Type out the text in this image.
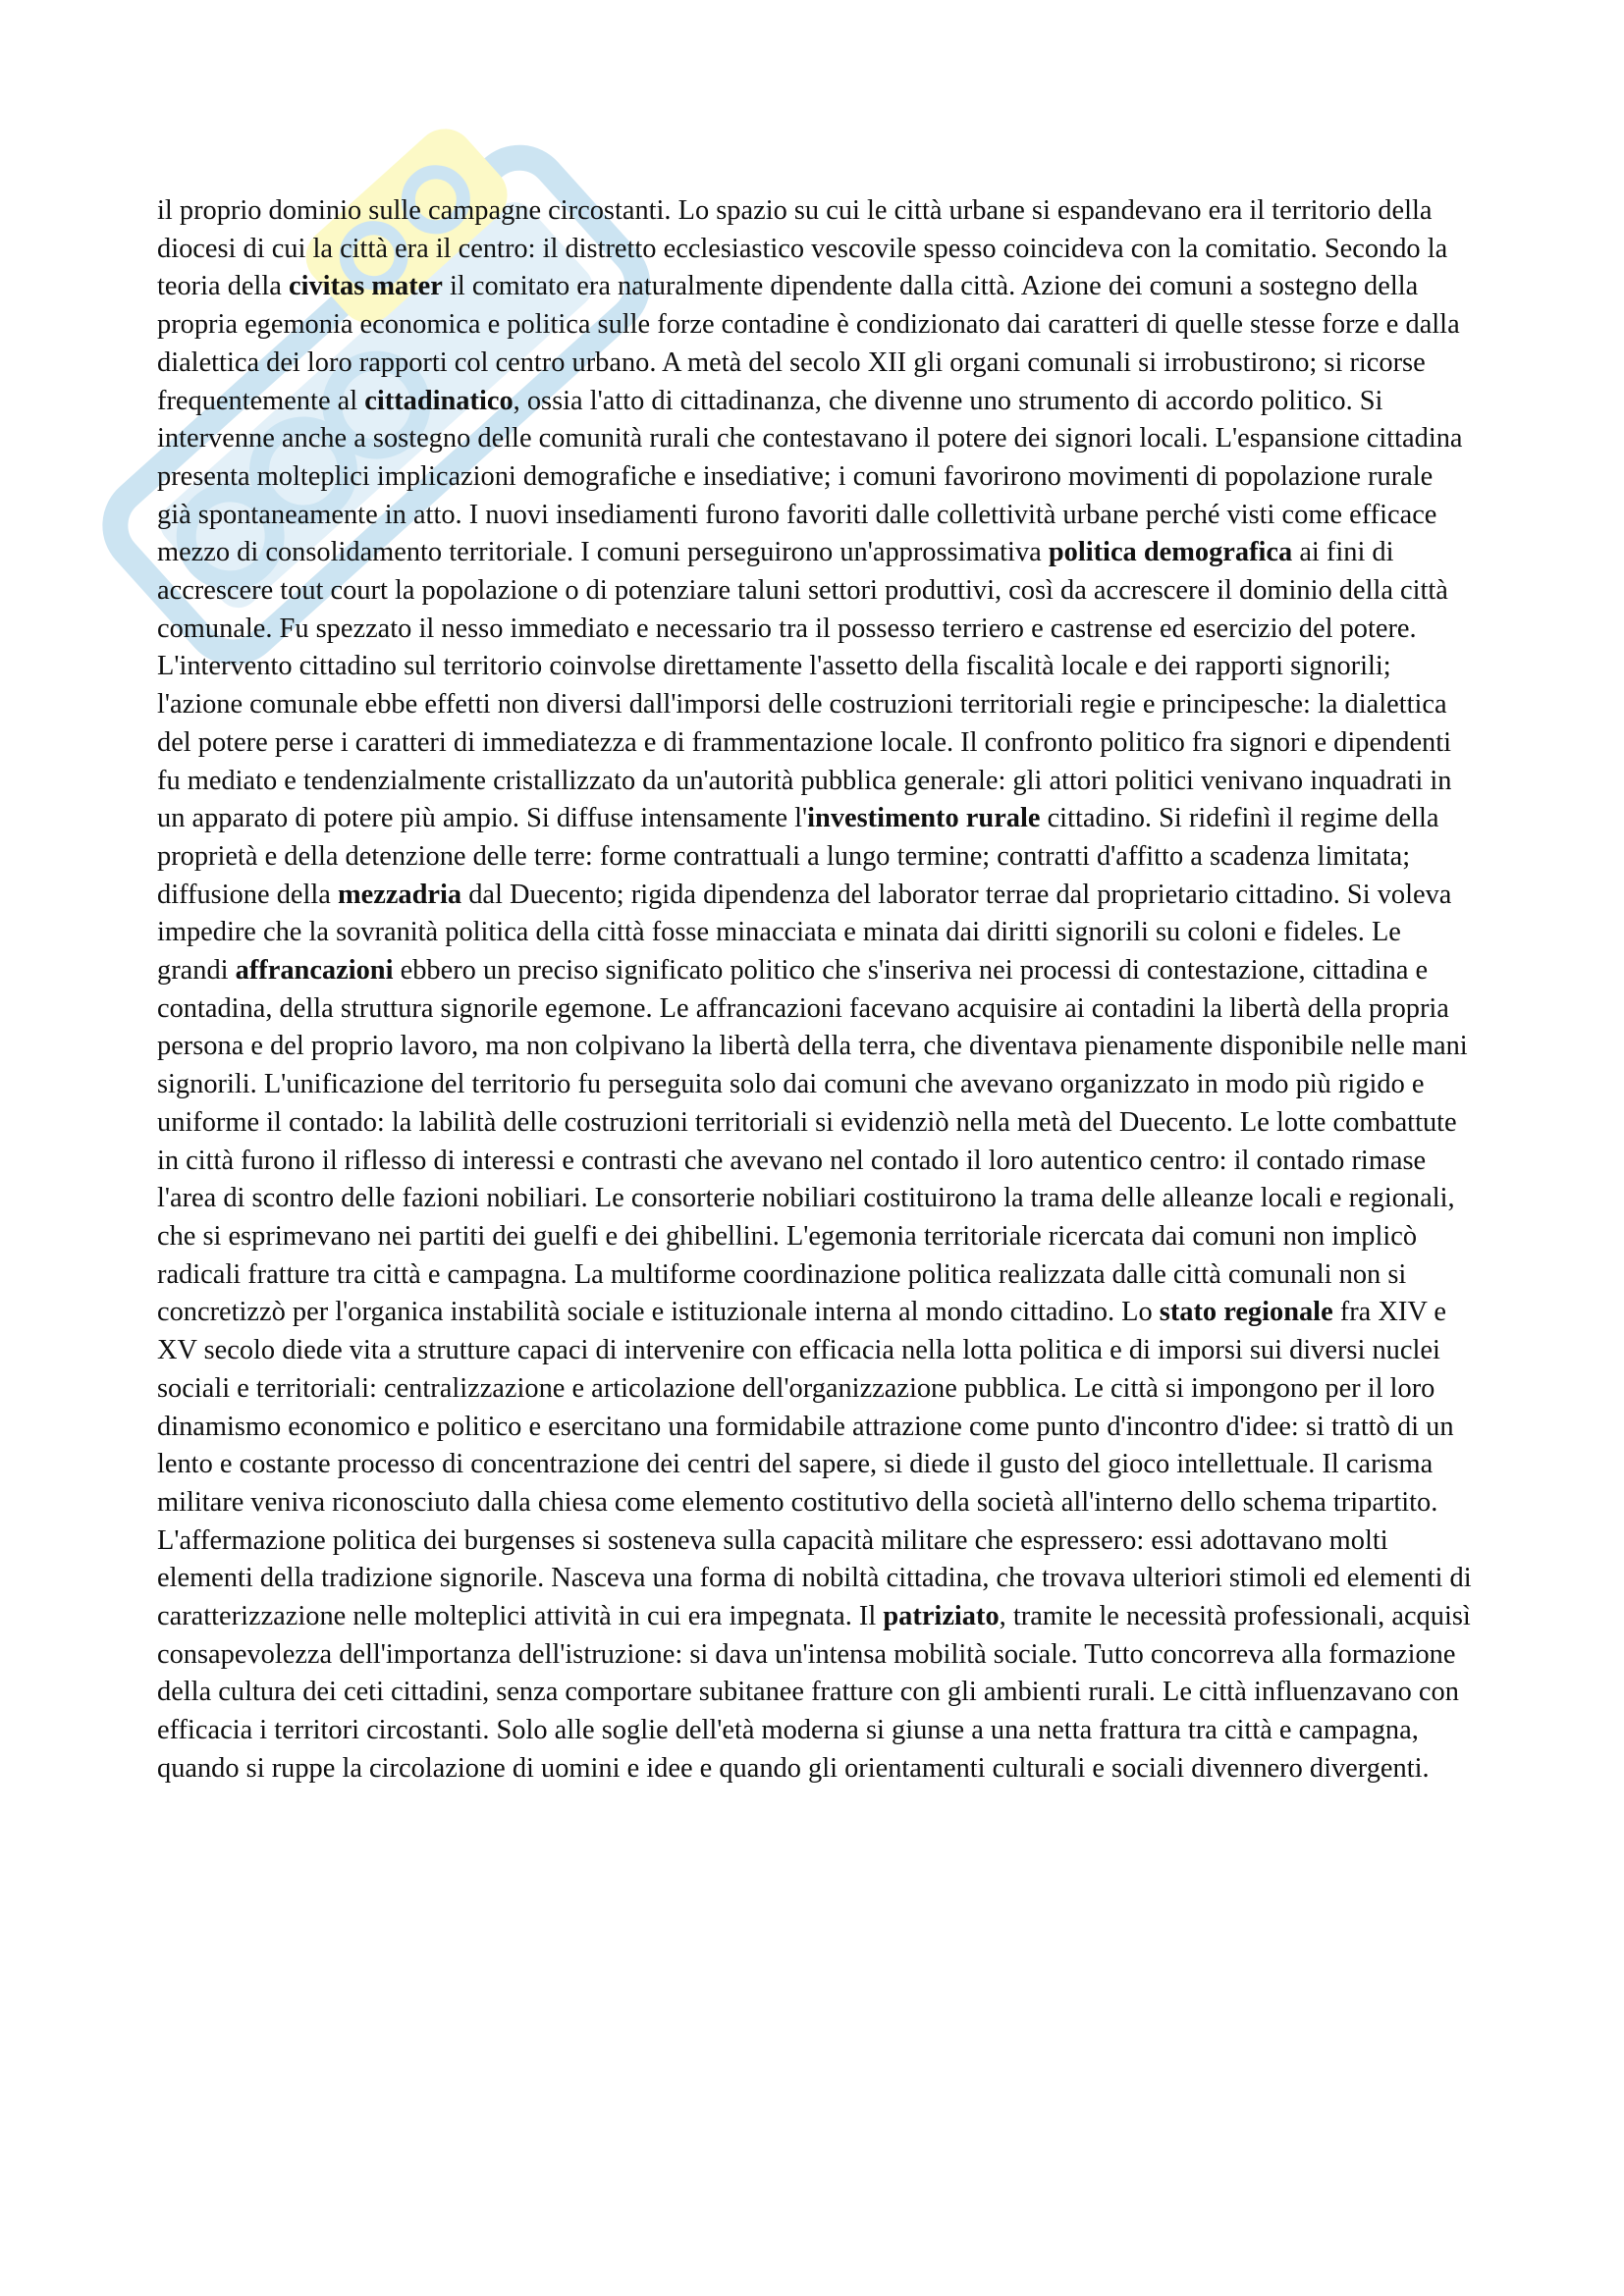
il proprio dominio sulle campagne circostanti. Lo spazio su cui le città urbane si espandevano era il territorio della diocesi di cui la città era il centro: il distretto ecclesiastico vescovile spesso coincideva con la comitatio. Secondo la teoria della civitas mater il comitato era naturalmente dipendente dalla città. Azione dei comuni a sostegno della propria egemonia economica e politica sulle forze contadine è condizionato dai caratteri di quelle stesse forze e dalla dialettica dei loro rapporti col centro urbano. A metà del secolo XII gli organi comunali si irrobustirono; si ricorse frequentemente al cittadinatico, ossia l'atto di cittadinanza, che divenne uno strumento di accordo politico. Si intervenne anche a sostegno delle comunità rurali che contestavano il potere dei signori locali. L'espansione cittadina presenta molteplici implicazioni demografiche e insediative; i comuni favorirono movimenti di popolazione rurale già spontaneamente in atto. I nuovi insediamenti furono favoriti dalle collettività urbane perché visti come efficace mezzo di consolidamento territoriale. I comuni perseguirono un'approssimativa politica demografica ai fini di accrescere tout court la popolazione o di potenziare taluni settori produttivi, così da accrescere il dominio della città comunale. Fu spezzato il nesso immediato e necessario tra il possesso terriero e castrense ed esercizio del potere. L'intervento cittadino sul territorio coinvolse direttamente l'assetto della fiscalità locale e dei rapporti signorili; l'azione comunale ebbe effetti non diversi dall'imporsi delle costruzioni territoriali regie e principesche: la dialettica del potere perse i caratteri di immediatezza e di frammentazione locale. Il confronto politico fra signori e dipendenti fu mediato e tendenzialmente cristallizzato da un'autorità pubblica generale: gli attori politici venivano inquadrati in un apparato di potere più ampio. Si diffuse intensamente l'investimento rurale cittadino. Si ridefinì il regime della proprietà e della detenzione delle terre: forme contrattuali a lungo termine; contratti d'affitto a scadenza limitata; diffusione della mezzadria dal Duecento; rigida dipendenza del laborator terrae dal proprietario cittadino. Si voleva impedire che la sovranità politica della città fosse minacciata e minata dai diritti signorili su coloni e fideles. Le grandi affrancazioni ebbero un preciso significato politico che s'inseriva nei processi di contestazione, cittadina e contadina, della struttura signorile egemone. Le affrancazioni facevano acquisire ai contadini la libertà della propria persona e del proprio lavoro, ma non colpivano la libertà della terra, che diventava pienamente disponibile nelle mani signorili. L'unificazione del territorio fu perseguita solo dai comuni che avevano organizzato in modo più rigido e uniforme il contado: la labilità delle costruzioni territoriali si evidenziò nella metà del Duecento. Le lotte combattute in città furono il riflesso di interessi e contrasti che avevano nel contado il loro autentico centro: il contado rimase l'area di scontro delle fazioni nobiliari. Le consorterie nobiliari costituirono la trama delle alleanze locali e regionali, che si esprimevano nei partiti dei guelfi e dei ghibellini. L'egemonia territoriale ricercata dai comuni non implicò radicali fratture tra città e campagna. La multiforme coordinazione politica realizzata dalle città comunali non si concretizzò per l'organica instabilità sociale e istituzionale interna al mondo cittadino. Lo stato regionale fra XIV e XV secolo diede vita a strutture capaci di intervenire con efficacia nella lotta politica e di imporsi sui diversi nuclei sociali e territoriali: centralizzazione e articolazione dell'organizzazione pubblica. Le città si impongono per il loro dinamismo economico e politico e esercitano una formidabile attrazione come punto d'incontro d'idee: si trattò di un lento e costante processo di concentrazione dei centri del sapere, si diede il gusto del gioco intellettuale. Il carisma militare veniva riconosciuto dalla chiesa come elemento costitutivo della società all'interno dello schema tripartito. L'affermazione politica dei burgenses si sosteneva sulla capacità militare che espressero: essi adottavano molti elementi della tradizione signorile. Nasceva una forma di nobiltà cittadina, che trovava ulteriori stimoli ed elementi di caratterizzazione nelle molteplici attività in cui era impegnata. Il patriziato, tramite le necessità professionali, acquisì consapevolezza dell'importanza dell'istruzione: si dava un'intensa mobilità sociale. Tutto concorreva alla formazione della cultura dei ceti cittadini, senza comportare subitanee fratture con gli ambienti rurali. Le città influenzavano con efficacia i territori circostanti. Solo alle soglie dell'età moderna si giunse a una netta frattura tra città e campagna, quando si ruppe la circolazione di uomini e idee e quando gli orientamenti culturali e sociali divennero divergenti.
